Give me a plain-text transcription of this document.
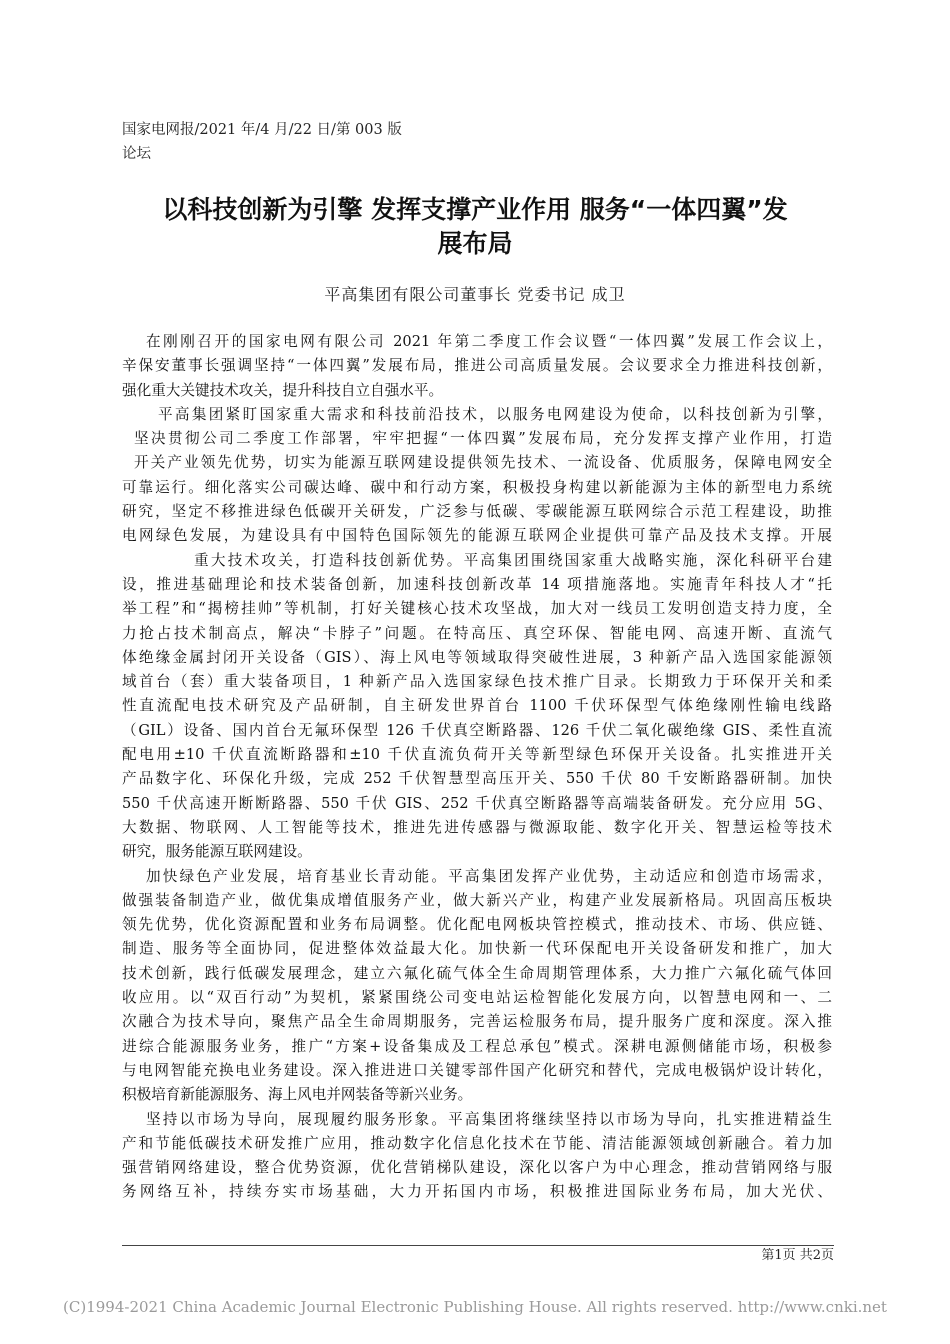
国家电网报/2021 年/4 月/22 日/第 003 版
论坛
以科技创新为引擎 发挥支撑产业作用 服务“一体四翼”发
展布局
平高集团有限公司董事长 党委书记 成卫
在刚刚召开的国家电网有限公司 2021 年第二季度工作会议暨“一体四翼”发展工作会议上，
辛保安董事长强调坚持“一体四翼”发展布局，推进公司高质量发展。会议要求全力推进科技创新，
强化重大关键技术攻关，提升科技自立自强水平。
平高集团紧盯国家重大需求和科技前沿技术，以服务电网建设为使命，以科技创新为引擎，
坚决贯彻公司二季度工作部署，牢牢把握“一体四翼”发展布局，充分发挥支撑产业作用，打造
开关产业领先优势，切实为能源互联网建设提供领先技术、一流设备、优质服务，保障电网安全
可靠运行。细化落实公司碳达峰、碳中和行动方案，积极投身构建以新能源为主体的新型电力系统
研究，坚定不移推进绿色低碳开关研发，广泛参与低碳、零碳能源互联网综合示范工程建设，助推
电网绿色发展，为建设具有中国特色国际领先的能源互联网企业提供可靠产品及技术支撑。开展
重大技术攻关，打造科技创新优势。平高集团围绕国家重大战略实施，深化科研平台建
设，推进基础理论和技术装备创新，加速科技创新改革 14 项措施落地。实施青年科技人才“托
举工程”和“揭榜挂帅”等机制，打好关键核心技术攻坚战，加大对一线员工发明创造支持力度，全
力抢占技术制高点，解决“卡脖子”问题。在特高压、真空环保、智能电网、高速开断、直流气
体绝缘金属封闭开关设备（GIS）、海上风电等领域取得突破性进展，3 种新产品入选国家能源领
域首台（套）重大装备项目，1 种新产品入选国家绿色技术推广目录。长期致力于环保开关和柔
性直流配电技术研究及产品研制，自主研发世界首台 1100 千伏环保型气体绝缘刚性输电线路
（GIL）设备、国内首台无氟环保型 126 千伏真空断路器、126 千伏二氧化碳绝缘 GIS、柔性直流
配电用±10 千伏直流断路器和±10 千伏直流负荷开关等新型绿色环保开关设备。扎实推进开关
产品数字化、环保化升级，完成 252 千伏智慧型高压开关、550 千伏 80 千安断路器研制。加快
550 千伏高速开断断路器、550 千伏 GIS、252 千伏真空断路器等高端装备研发。充分应用 5G、
大数据、物联网、人工智能等技术，推进先进传感器与微源取能、数字化开关、智慧运检等技术
研究，服务能源互联网建设。
加快绿色产业发展，培育基业长青动能。平高集团发挥产业优势，主动适应和创造市场需求，
做强装备制造产业，做优集成增值服务产业，做大新兴产业，构建产业发展新格局。巩固高压板块
领先优势，优化资源配置和业务布局调整。优化配电网板块管控模式，推动技术、市场、供应链、
制造、服务等全面协同，促进整体效益最大化。加快新一代环保配电开关设备研发和推广，加大
技术创新，践行低碳发展理念，建立六氟化硫气体全生命周期管理体系，大力推广六氟化硫气体回
收应用。以“双百行动”为契机，紧紧围绕公司变电站运检智能化发展方向，以智慧电网和一、二
次融合为技术导向，聚焦产品全生命周期服务，完善运检服务布局，提升服务广度和深度。深入推
进综合能源服务业务，推广“方案+设备集成及工程总承包”模式。深耕电源侧储能市场，积极参
与电网智能充换电业务建设。深入推进进口关键零部件国产化研究和替代，完成电极锅炉设计转化，
积极培育新能源服务、海上风电并网装备等新兴业务。
坚持以市场为导向，展现履约服务形象。平高集团将继续坚持以市场为导向，扎实推进精益生
产和节能低碳技术研发推广应用，推动数字化信息化技术在节能、清洁能源领域创新融合。着力加
强营销网络建设，整合优势资源，优化营销梯队建设，深化以客户为中心理念，推动营销网络与服
务网络互补，持续夯实市场基础，大力开拓国内市场，积极推进国际业务布局，加大光伏、
第1页 共2页
(C)1994-2021 China Academic Journal Electronic Publishing House. All rights reserved. http://www.cnki.net
